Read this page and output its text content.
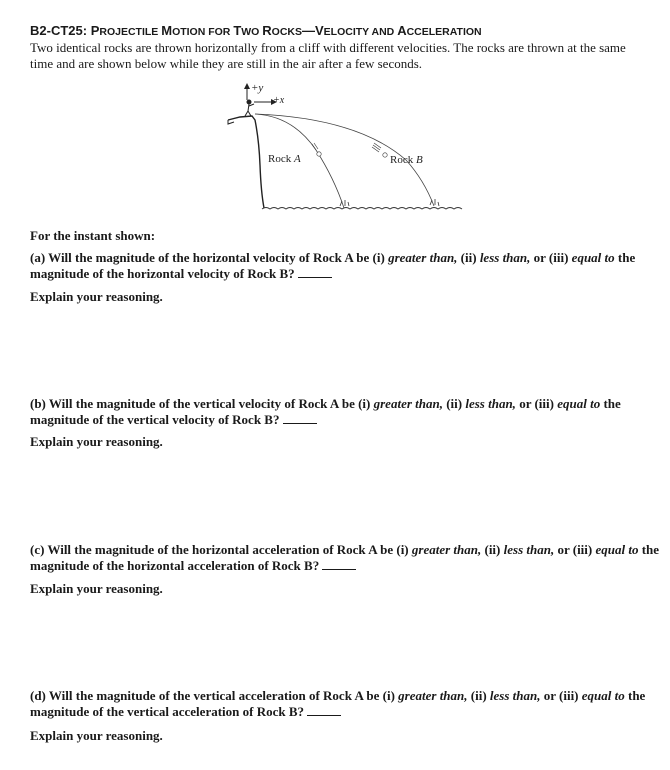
B2-CT25: PROJECTILE MOTION FOR TWO ROCKS—VELOCITY AND ACCELERATION
Two identical rocks are thrown horizontally from a cliff with different velocities. The rocks are thrown at the same
time and are shown below while they are still in the air after a few seconds.
+y
+x
Rock A	Rock B
For the instant shown:
(a) Will the magnitude of the horizontal velocity of Rock A be (i) greater than, (ii) less than, or (iii) equal to the magnitude of the horizontal velocity of Rock B?
Explain your reasoning.
(b) Will the magnitude of the vertical velocity of Rock A be (i) greater than, (ii) less than, or (iii) equal to the magnitude of the vertical velocity of Rock B?
Explain your reasoning.
(c) Will the magnitude of the horizontal acceleration of Rock A be (i) greater than, (ii) less than, or (iii) equal to the magnitude of the horizontal acceleration of Rock B?
Explain your reasoning.
(d) Will the magnitude of the vertical acceleration of Rock A be (i) greater than, (ii) less than, or (iii) equal to the magnitude of the vertical acceleration of Rock B?
Explain your reasoning.
